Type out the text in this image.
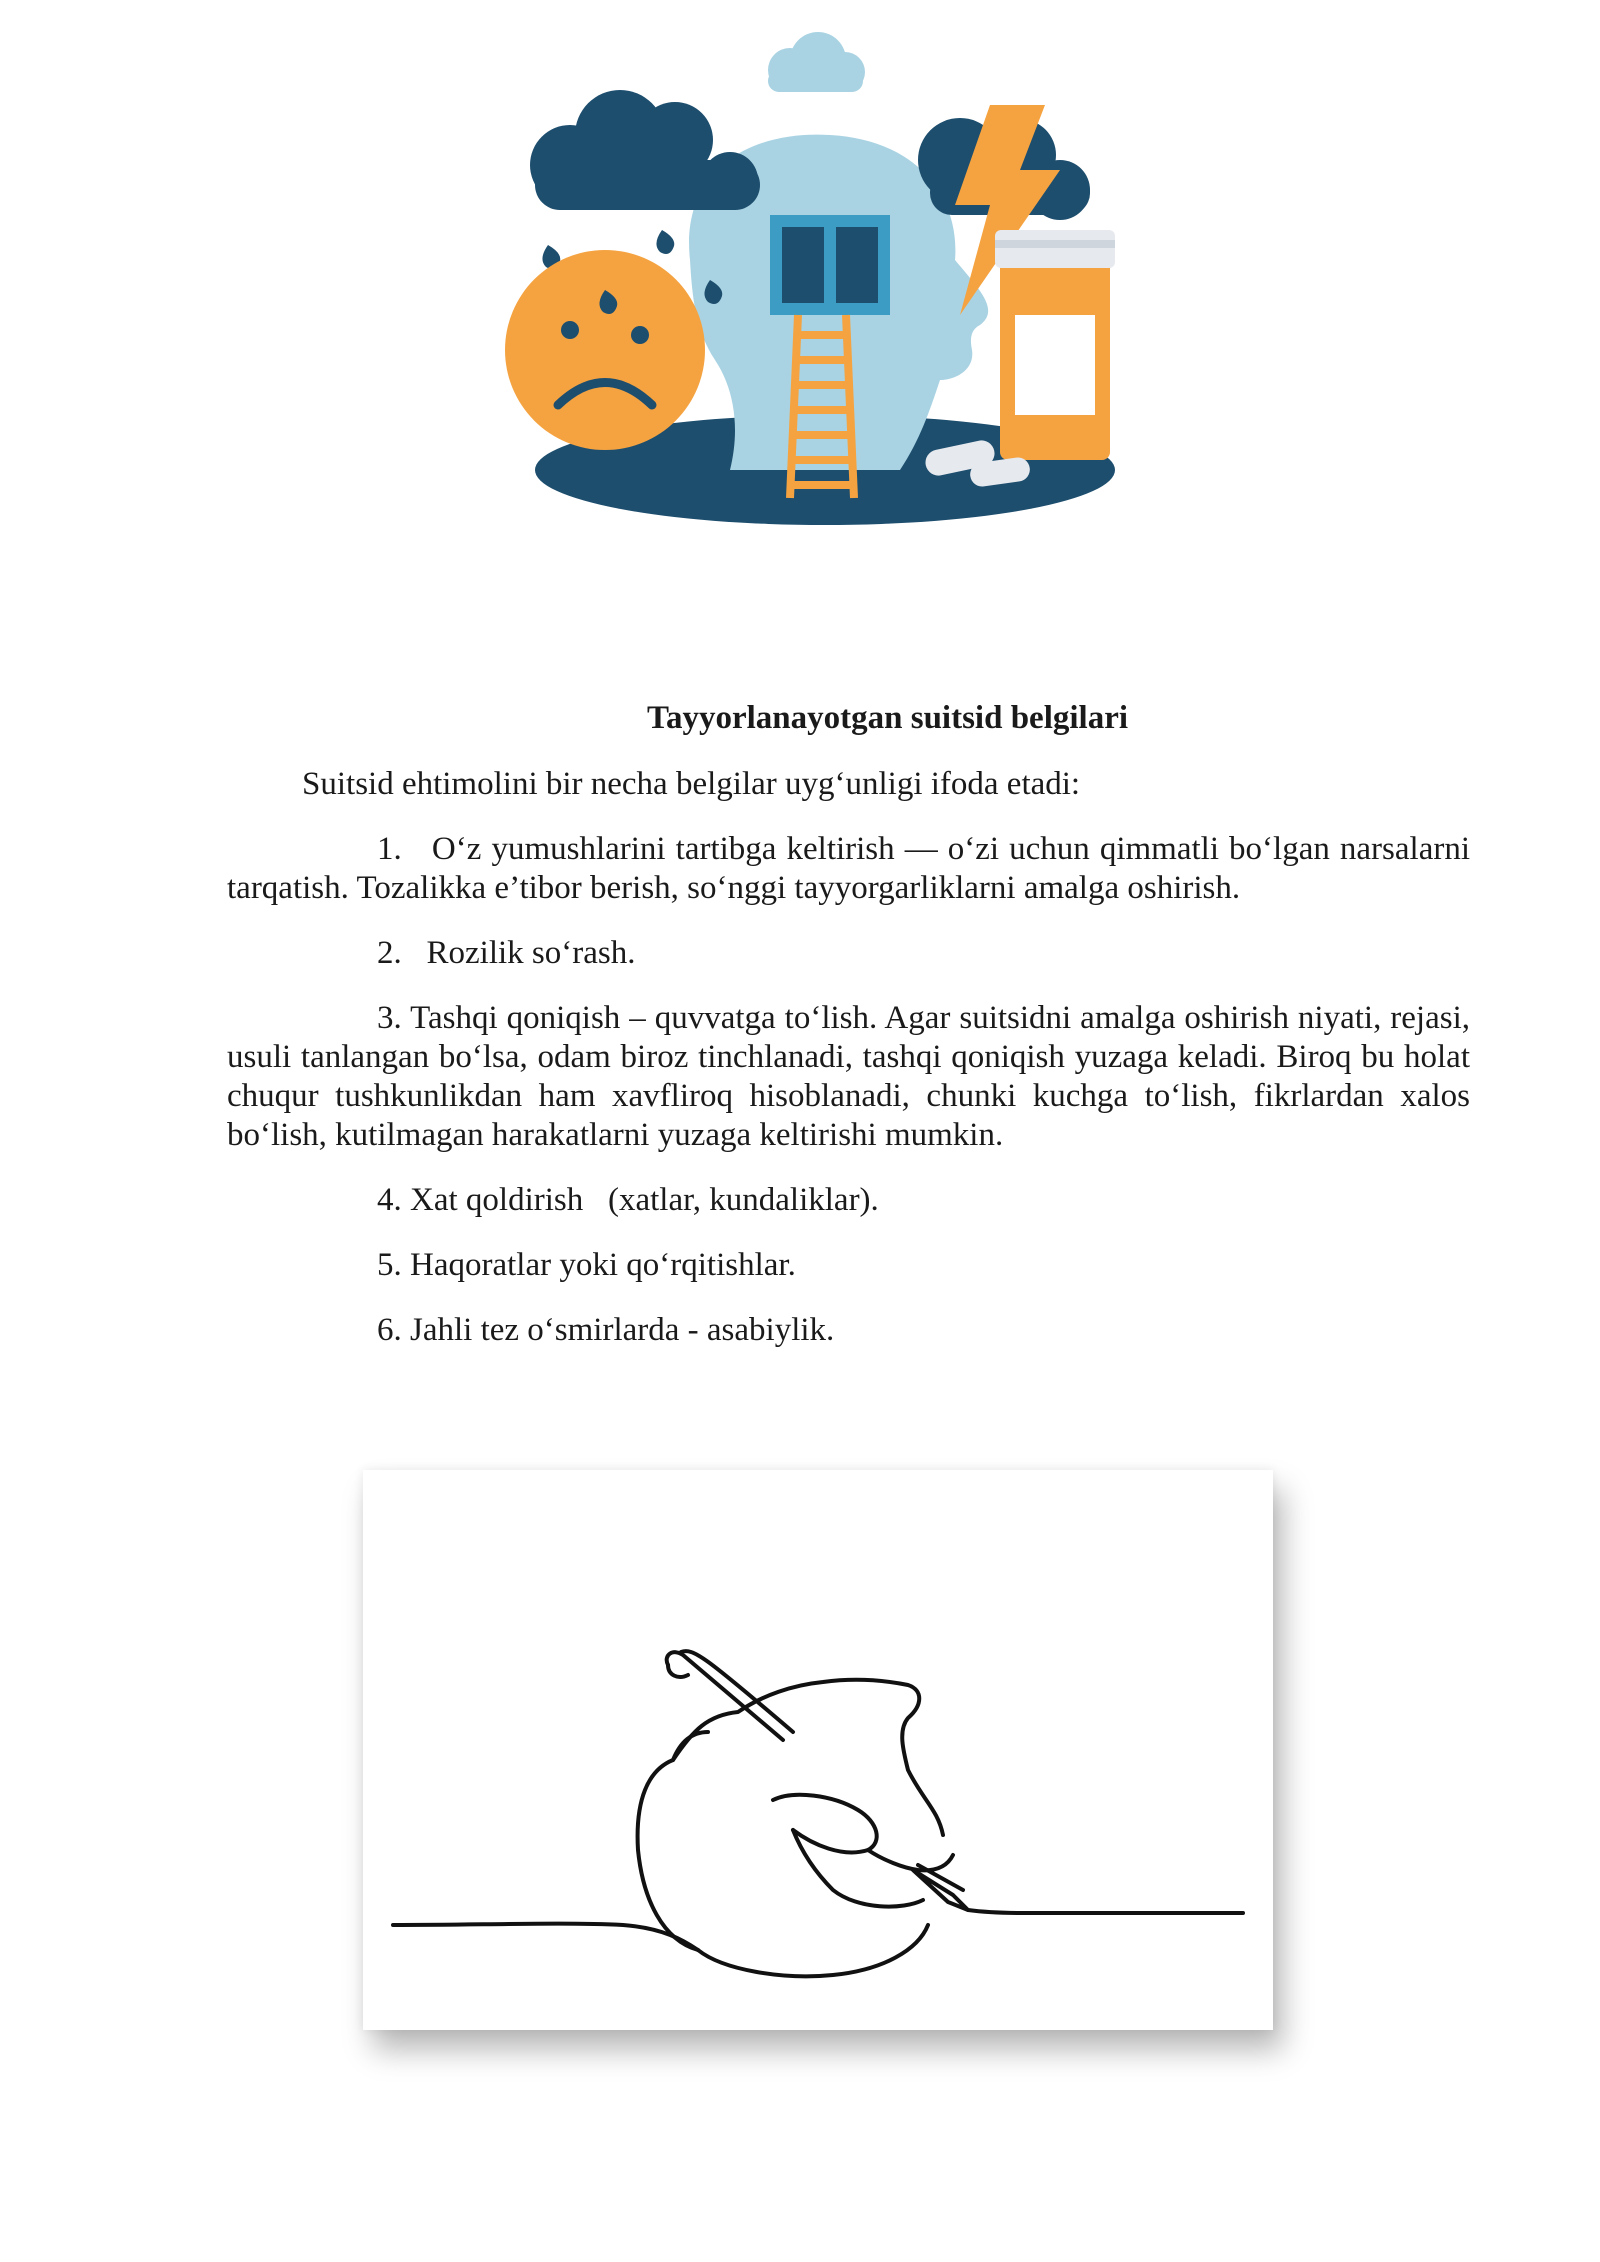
Tayyorlanayotgan suitsid belgilari

Suitsid ehtimolini bir necha belgilar uyg‘unligi ifoda etadi:

1. O‘z yumushlarini tartibga keltirish — o‘zi uchun qimmatli bo‘lgan narsalarni tarqatish. Tozalikka e’tibor berish, so‘nggi tayyorgarliklarni amalga oshirish.

2. Rozilik so‘rash.

3. Tashqi qoniqish – quvvatga to‘lish. Agar suitsidni amalga oshirish niyati, rejasi, usuli tanlangan bo‘lsa, odam biroz tinchlanadi, tashqi qoniqish yuzaga keladi. Biroq bu holat chuqur tushkunlikdan ham xavfliroq hisoblanadi, chunki kuchga to‘lish, fikrlardan xalos bo‘lish, kutilmagan harakatlarni yuzaga keltirishi mumkin.

4. Xat qoldirish   (xatlar, kundaliklar).

5. Haqoratlar yoki qo‘rqitishlar.

6. Jahli tez o‘smirlarda - asabiylik.
